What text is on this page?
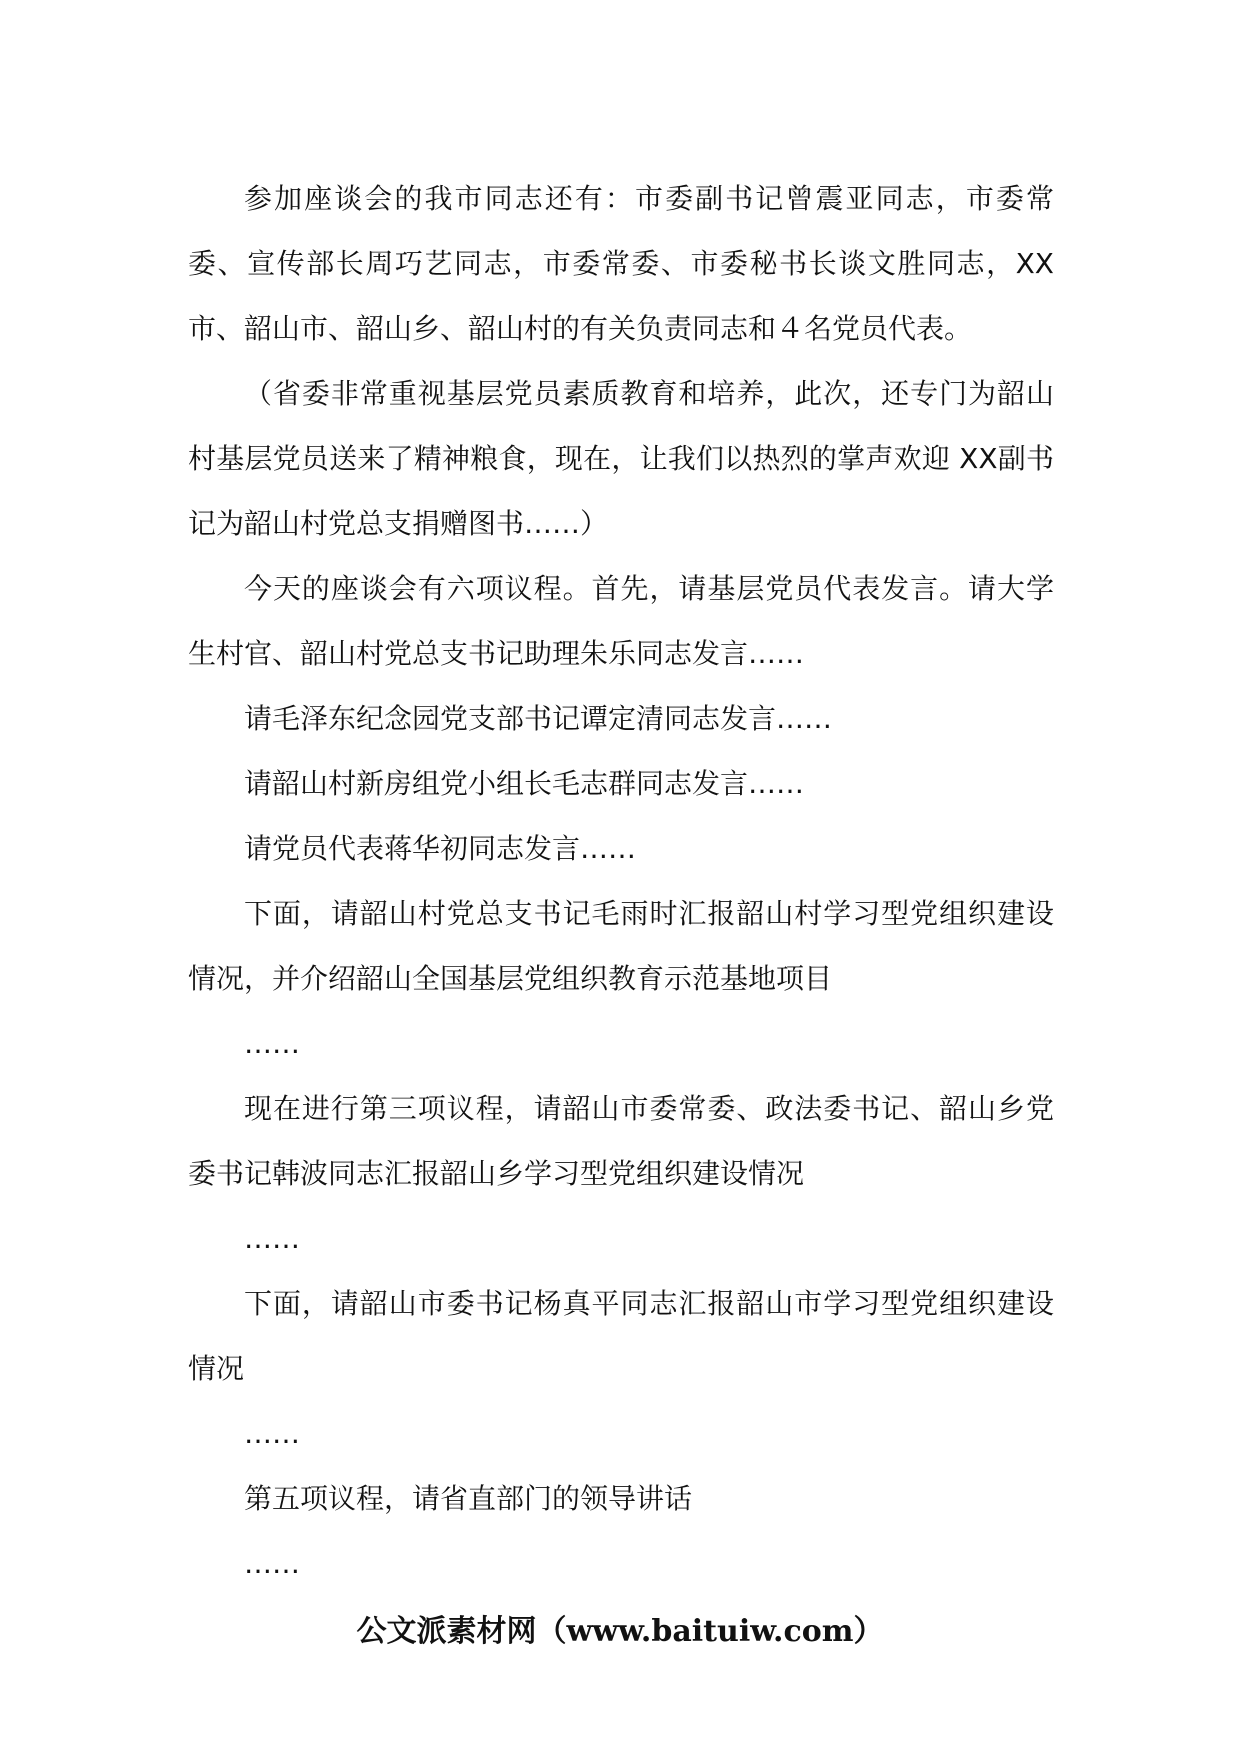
参加座谈会的我市同志还有：市委副书记曾震亚同志，市委常委、宣传部长周巧艺同志，市委常委、市委秘书长谈文胜同志，XX市、韶山市、韶山乡、韶山村的有关负责同志和４名党员代表。

（省委非常重视基层党员素质教育和培养，此次，还专门为韶山村基层党员送来了精神粮食，现在，让我们以热烈的掌声欢迎 XX副书记为韶山村党总支捐赠图书……）

今天的座谈会有六项议程。首先，请基层党员代表发言。请大学生村官、韶山村党总支书记助理朱乐同志发言……

请毛泽东纪念园党支部书记谭定清同志发言……

请韶山村新房组党小组长毛志群同志发言……

请党员代表蒋华初同志发言……

下面，请韶山村党总支书记毛雨时汇报韶山村学习型党组织建设情况，并介绍韶山全国基层党组织教育示范基地项目

……

现在进行第三项议程，请韶山市委常委、政法委书记、韶山乡党委书记韩波同志汇报韶山乡学习型党组织建设情况

……

下面，请韶山市委书记杨真平同志汇报韶山市学习型党组织建设情况

……

第五项议程，请省直部门的领导讲话

……

公文派素材网（www.baituiw.com）
